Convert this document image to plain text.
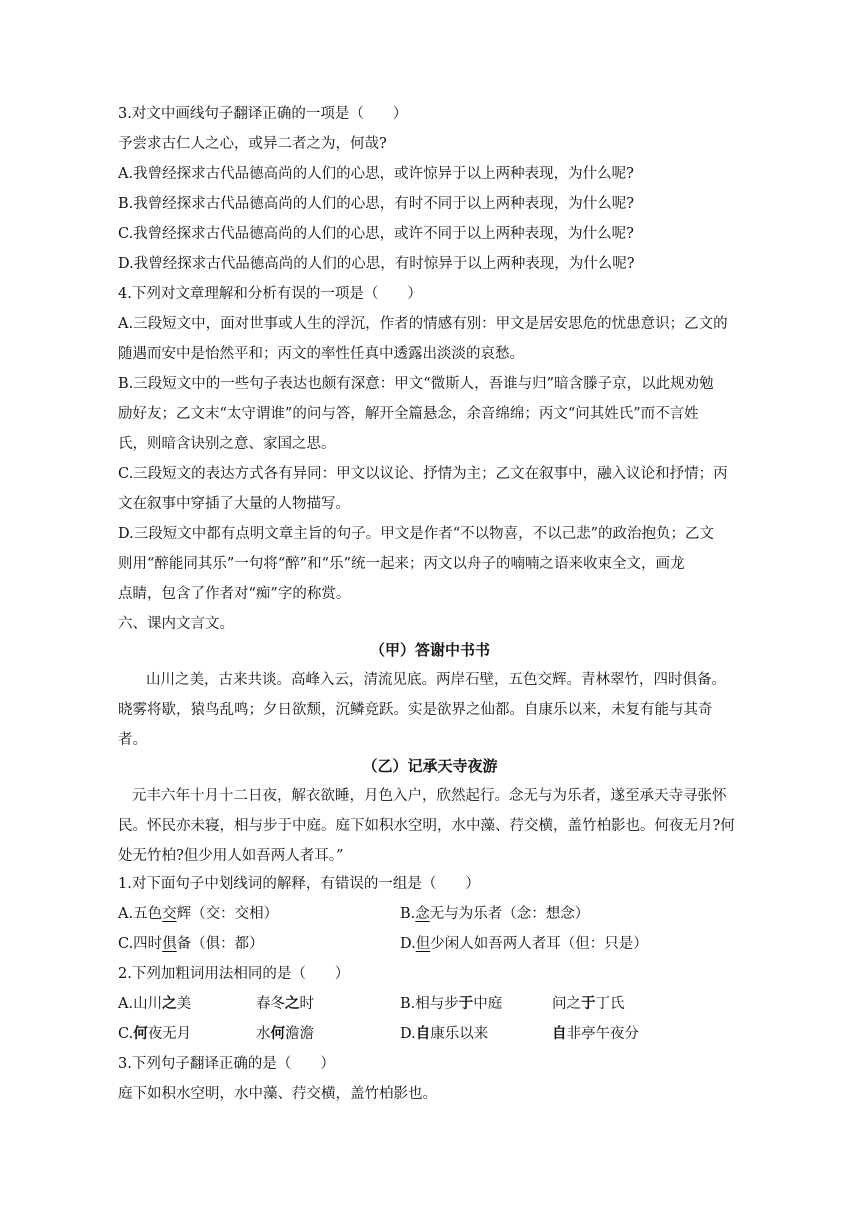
3.对文中画线句子翻译正确的一项是（　　）
予尝求古仁人之心，或异二者之为，何哉?
A.我曾经探求古代品德高尚的人们的心思，或许惊异于以上两种表现，为什么呢?
B.我曾经探求古代品德高尚的人们的心思，有时不同于以上两种表现，为什么呢?
C.我曾经探求古代品德高尚的人们的心思，或许不同于以上两种表现，为什么呢?
D.我曾经探求古代品德高尚的人们的心思，有时惊异于以上两种表现，为什么呢?
4.下列对文章理解和分析有误的一项是（　　）
A.三段短文中，面对世事或人生的浮沉，作者的情感有别：甲文是居安思危的忧患意识；乙文的
随遇而安中是怡然平和；丙文的率性任真中透露出淡淡的哀愁。
B.三段短文中的一些句子表达也颇有深意：甲文“微斯人，吾谁与归”暗含滕子京，以此规劝勉
励好友；乙文末“太守谓谁”的问与答，解开全篇悬念，余音绵绵；丙文“问其姓氏”而不言姓
氏，则暗含诀别之意、家国之思。
C.三段短文的表达方式各有异同：甲文以议论、抒情为主；乙文在叙事中，融入议论和抒情；丙
文在叙事中穿插了大量的人物描写。
D.三段短文中都有点明文章主旨的句子。甲文是作者“不以物喜，不以己悲”的政治抱负；乙文
则用“醉能同其乐”一句将“醉”和“乐”统一起来；丙文以舟子的喃喃之语来收束全文，画龙
点睛，包含了作者对“痴”字的称赏。
六、课内文言文。
（甲）答谢中书书
山川之美，古来共谈。高峰入云，清流见底。两岸石壁，五色交辉。青林翠竹，四时俱备。
晓雾将歇，猿鸟乱鸣；夕日欲颓，沉鳞竞跃。实是欲界之仙都。自康乐以来，未复有能与其奇
者。
（乙）记承天寺夜游
元丰六年十月十二日夜，解衣欲睡，月色入户，欣然起行。念无与为乐者，遂至承天寺寻张怀
民。怀民亦未寝，相与步于中庭。庭下如积水空明，水中藻、荇交横，盖竹柏影也。何夜无月?何
处无竹柏?但少用人如吾两人者耳。”
1.对下面句子中划线词的解释，有错误的一组是（　　）
A.五色交辉（交：交相）	B.念无与为乐者（念：想念）
C.四时俱备（俱：都）	D.但少闲人如吾两人者耳（但：只是）
2.下列加粗词用法相同的是（　　）
A.山川之美	春冬之时	B.相与步于中庭	问之于丁氏
C.何夜无月	水何澹澹	D.自康乐以来	自非亭午夜分
3.下列句子翻译正确的是（　　）
庭下如积水空明，水中藻、荇交横，盖竹柏影也。
